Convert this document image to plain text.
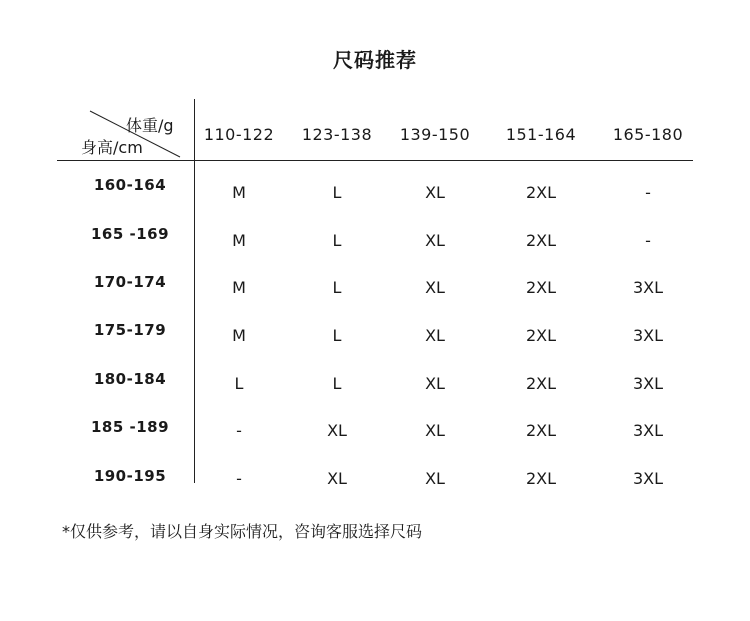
尺码推荐
体重/g
身高/cm
110-122	123-138	139-150	151-164	165-180
160-164	M	L	XL	2XL	-
165 -169	M	L	XL	2XL	-
170-174	M	L	XL	2XL	3XL
175-179	M	L	XL	2XL	3XL
180-184	L	L	XL	2XL	3XL
185 -189	-	XL	XL	2XL	3XL
190-195	-	XL	XL	2XL	3XL
*仅供参考，请以自身实际情况，咨询客服选择尺码
